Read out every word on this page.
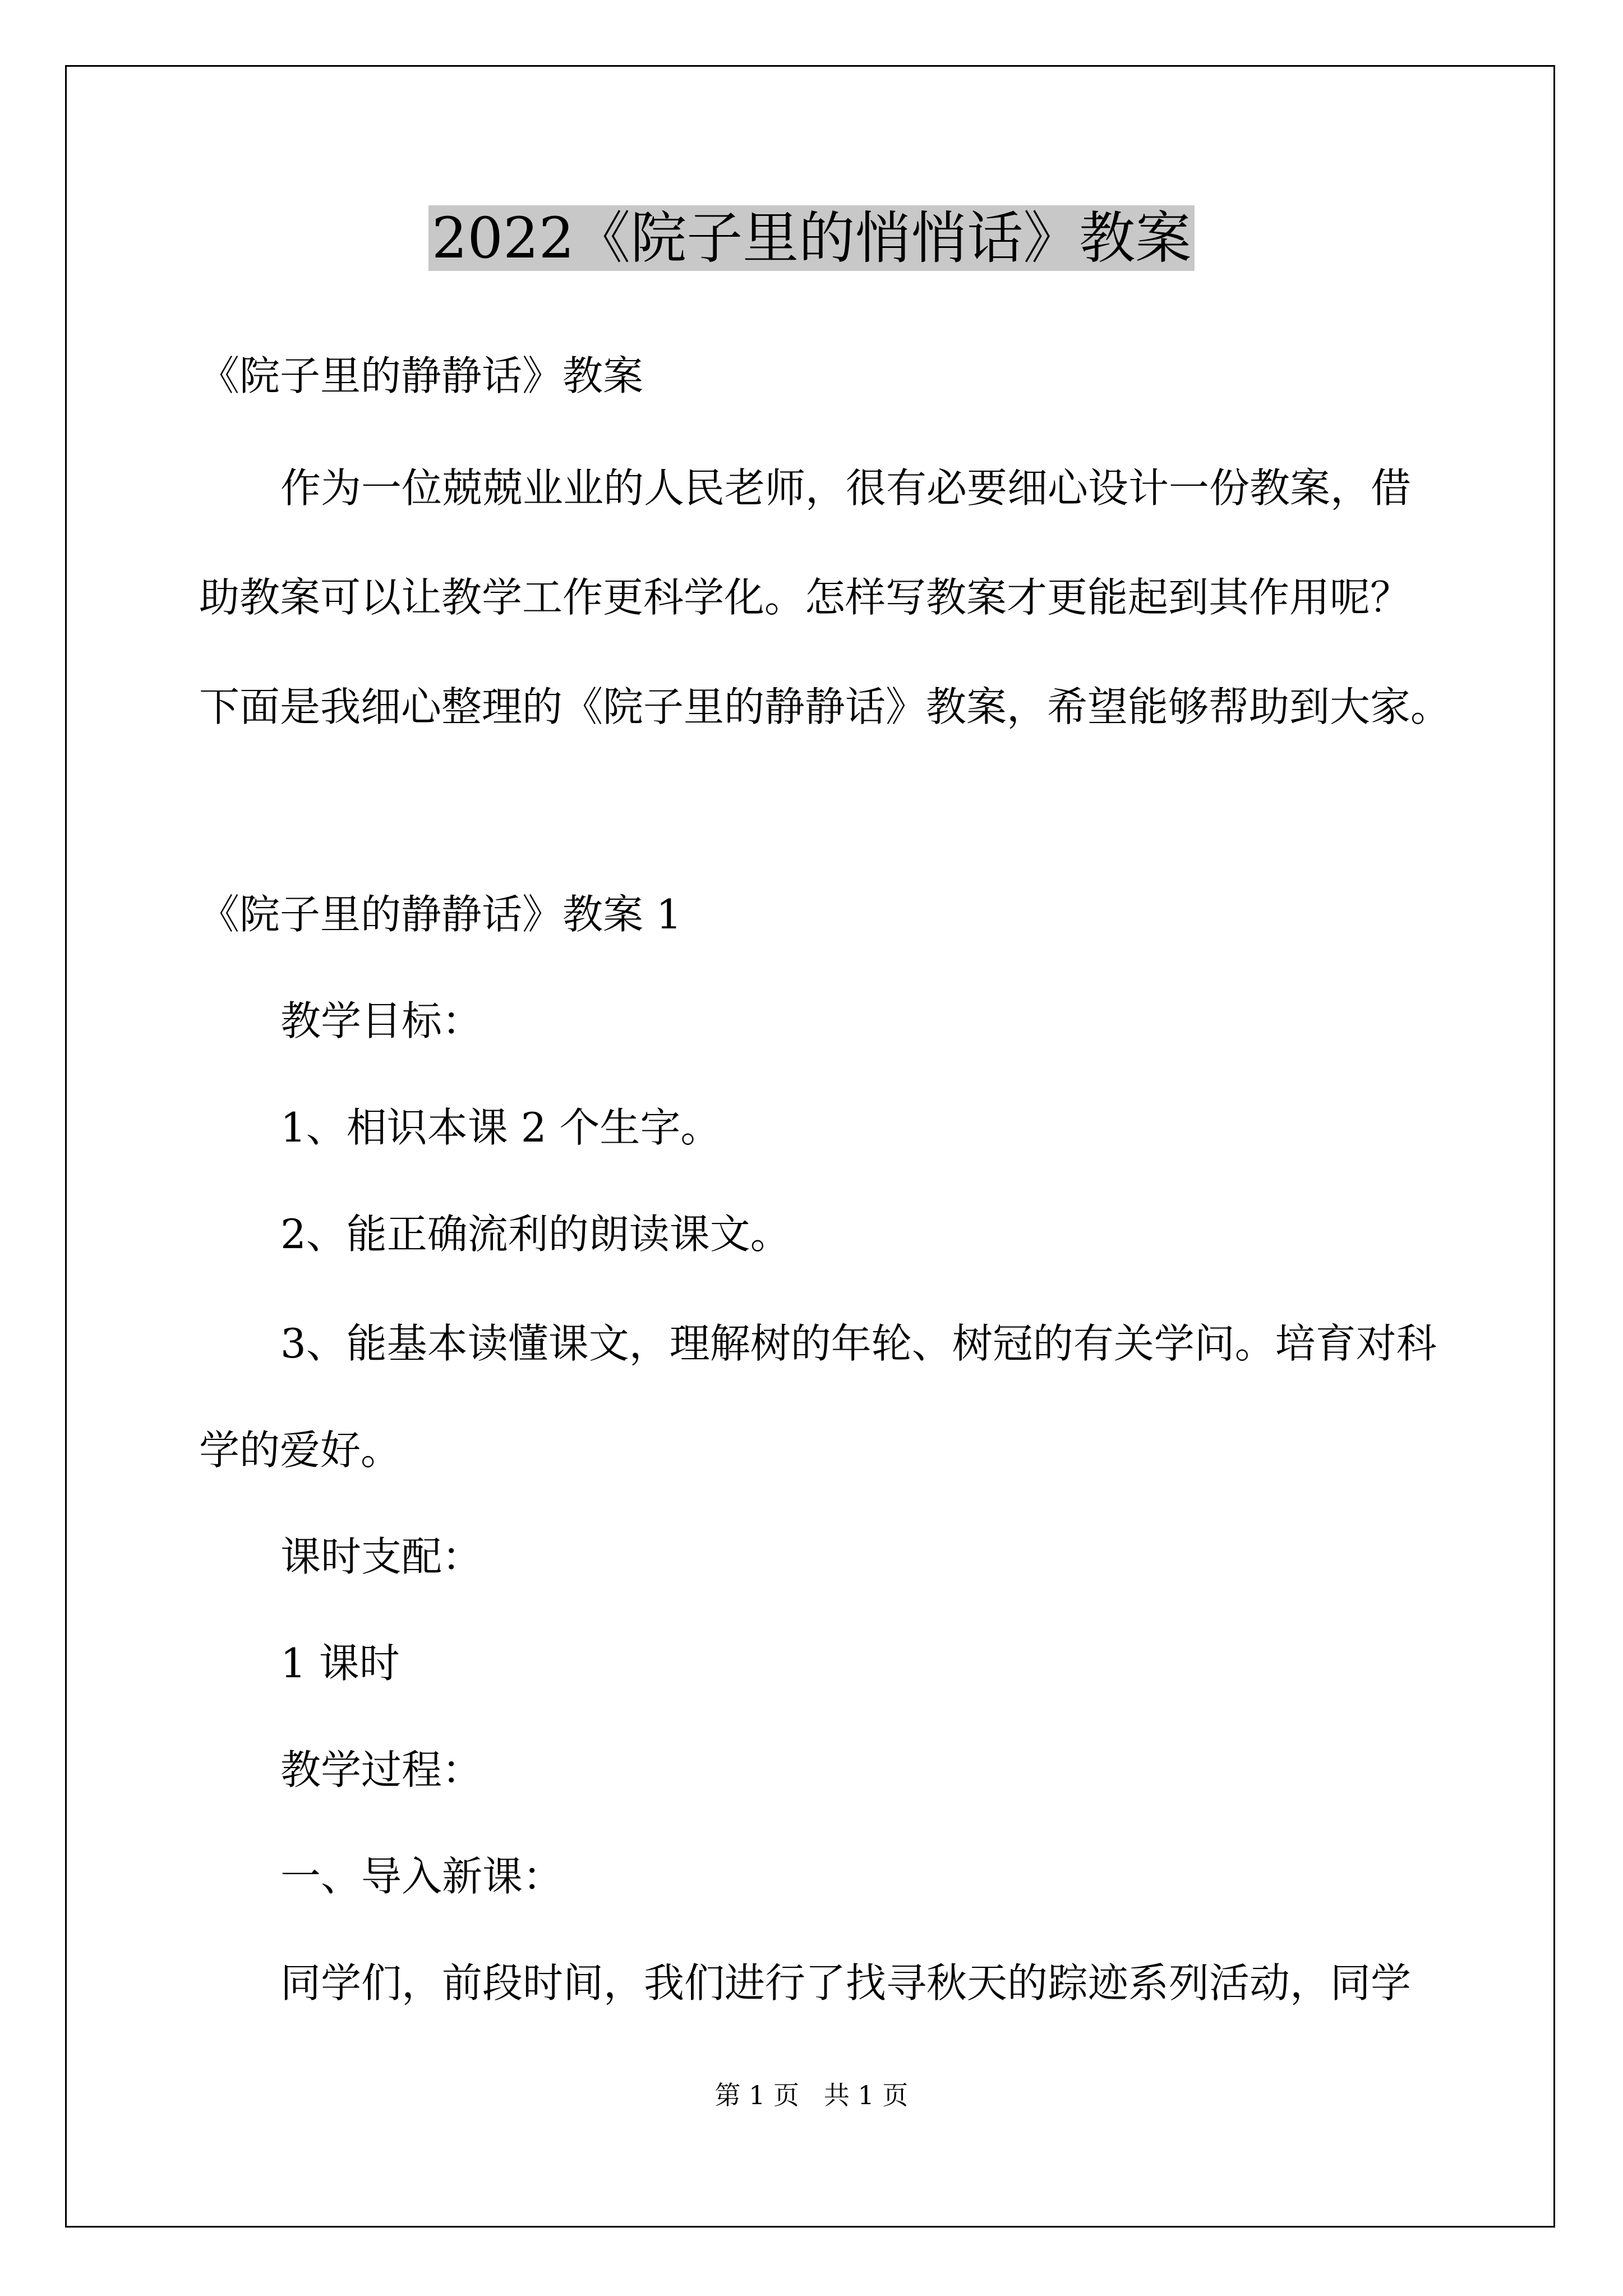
2022《院子里的悄悄话》教案
《院子里的静静话》教案
作为一位兢兢业业的人民老师，很有必要细心设计一份教案，借
助教案可以让教学工作更科学化。怎样写教案才更能起到其作用呢？
下面是我细心整理的《院子里的静静话》教案，希望能够帮助到大家。
《院子里的静静话》教案 1
教学目标：
1、相识本课 2 个生字。
2、能正确流利的朗读课文。
3、能基本读懂课文，理解树的年轮、树冠的有关学问。培育对科
学的爱好。
课时支配：
1 课时
教学过程：
一、导入新课：
同学们，前段时间，我们进行了找寻秋天的踪迹系列活动，同学
第 1 页   共 1 页
